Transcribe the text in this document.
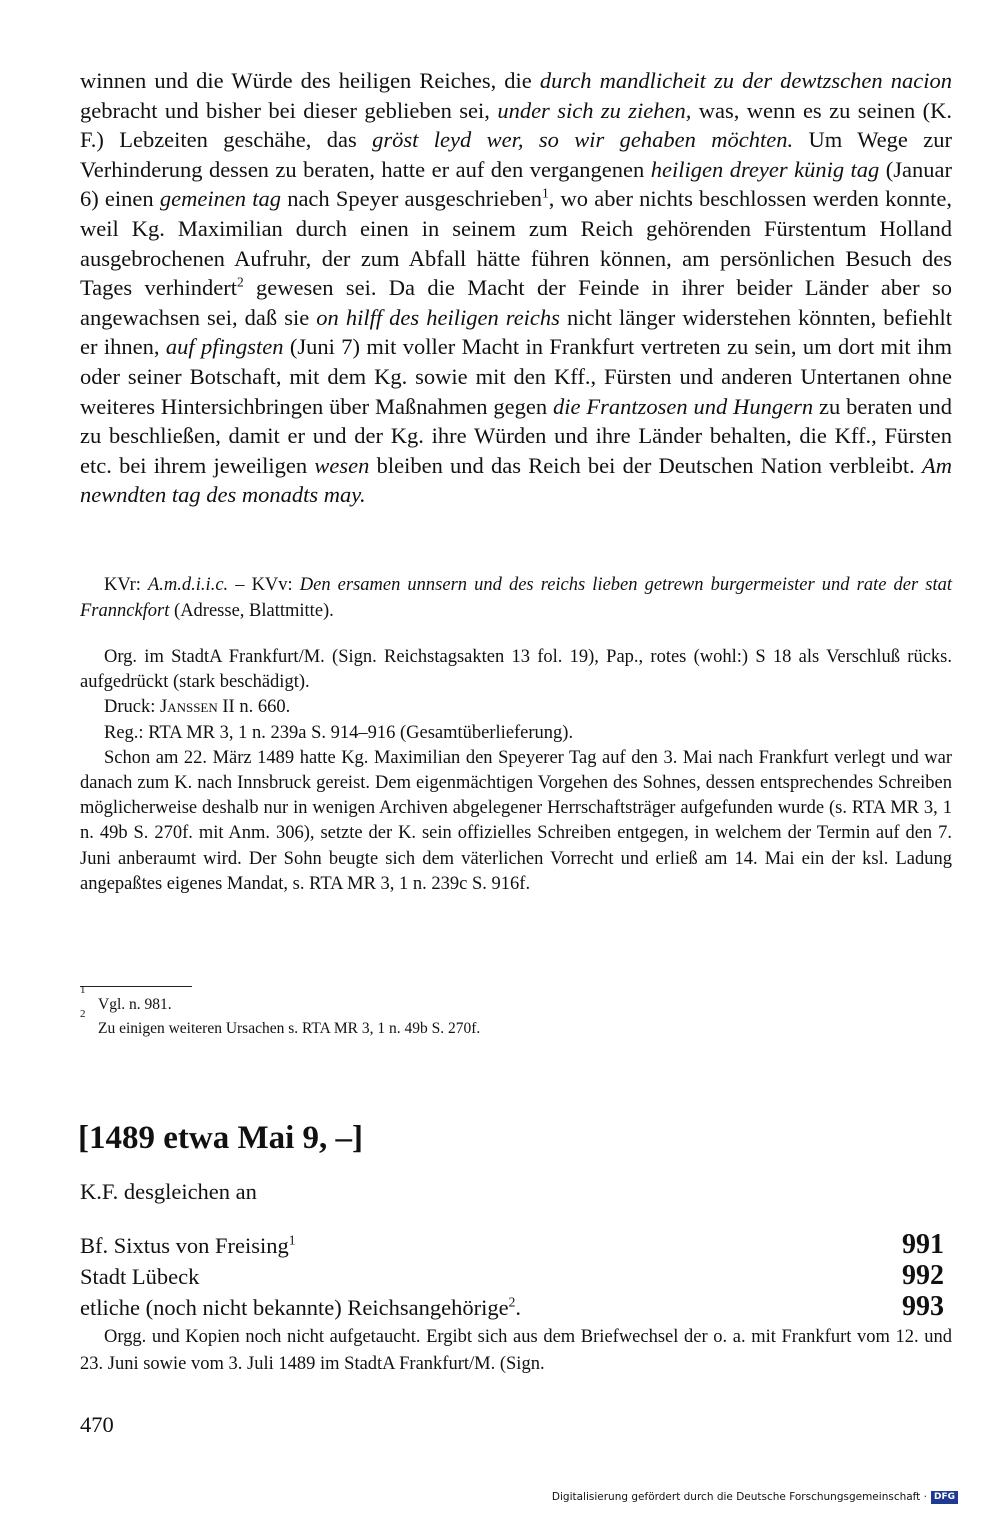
winnen und die Würde des heiligen Reiches, die durch mandlicheit zu der dewtzschen nacion gebracht und bisher bei dieser geblieben sei, under sich zu ziehen, was, wenn es zu seinen (K. F.) Lebzeiten geschähe, das gröst leyd wer, so wir gehaben möchten. Um Wege zur Verhinderung dessen zu beraten, hatte er auf den vergangenen heiligen dreyer künig tag (Januar 6) einen gemeinen tag nach Speyer ausgeschrieben$^1$, wo aber nichts beschlossen werden konnte, weil Kg. Maximilian durch einen in seinem zum Reich gehörenden Fürstentum Holland ausgebrochenen Aufruhr, der zum Abfall hätte führen können, am persönlichen Besuch des Tages verhindert$^2$ gewesen sei. Da die Macht der Feinde in ihrer beider Länder aber so angewachsen sei, daß sie on hilff des heiligen reichs nicht länger widerstehen könnten, befiehlt er ihnen, auf pfingsten (Juni 7) mit voller Macht in Frankfurt vertreten zu sein, um dort mit ihm oder seiner Botschaft, mit dem Kg. sowie mit den Kff., Fürsten und anderen Untertanen ohne weiteres Hintersichbringen über Maßnahmen gegen die Frantzosen und Hungern zu beraten und zu beschließen, damit er und der Kg. ihre Würden und ihre Länder behalten, die Kff., Fürsten etc. bei ihrem jeweiligen wesen bleiben und das Reich bei der Deutschen Nation verbleibt. Am newndten tag des monadts may.

KVr: A.m.d.i.i.c. – KVv: Den ersamen unnsern und des reichs lieben getrewn burgermeister und rate der stat Frannckfort (Adresse, Blattmitte).

Org. im StadtA Frankfurt/M. (Sign. Reichstagsakten 13 fol. 19), Pap., rotes (wohl:) S 18 als Verschluß rücks. aufgedrückt (stark beschädigt).

Druck: Janssen II n. 660.

Reg.: RTA MR 3, 1 n. 239a S. 914–916 (Gesamtüberlieferung).

Schon am 22. März 1489 hatte Kg. Maximilian den Speyerer Tag auf den 3. Mai nach Frankfurt verlegt und war danach zum K. nach Innsbruck gereist. Dem eigenmächtigen Vorgehen des Sohnes, dessen entsprechendes Schreiben möglicherweise deshalb nur in wenigen Archiven abgelegener Herrschaftsträger aufgefunden wurde (s. RTA MR 3, 1 n. 49b S. 270f. mit Anm. 306), setzte der K. sein offizielles Schreiben entgegen, in welchem der Termin auf den 7. Juni anberaumt wird. Der Sohn beugte sich dem väterlichen Vorrecht und erließ am 14. Mai ein der ksl. Ladung angepaßtes eigenes Mandat, s. RTA MR 3, 1 n. 239c S. 916f.

1
Vgl. n. 981.

2
Zu einigen weiteren Ursachen s. RTA MR 3, 1 n. 49b S. 270f.

[1489 etwa Mai 9, –]
K.F. desgleichen an
Bf. Sixtus von Freising$^1$	991
Stadt Lübeck	992
etliche (noch nicht bekannte) Reichsangehörige$^2$.	993

Orgg. und Kopien noch nicht aufgetaucht. Ergibt sich aus dem Briefwechsel der o. a. mit Frankfurt vom 12. und 23. Juni sowie vom 3. Juli 1489 im StadtA Frankfurt/M. (Sign.

470
Digitalisierung gefördert durch die Deutsche Forschungsgemeinschaft · DFG
